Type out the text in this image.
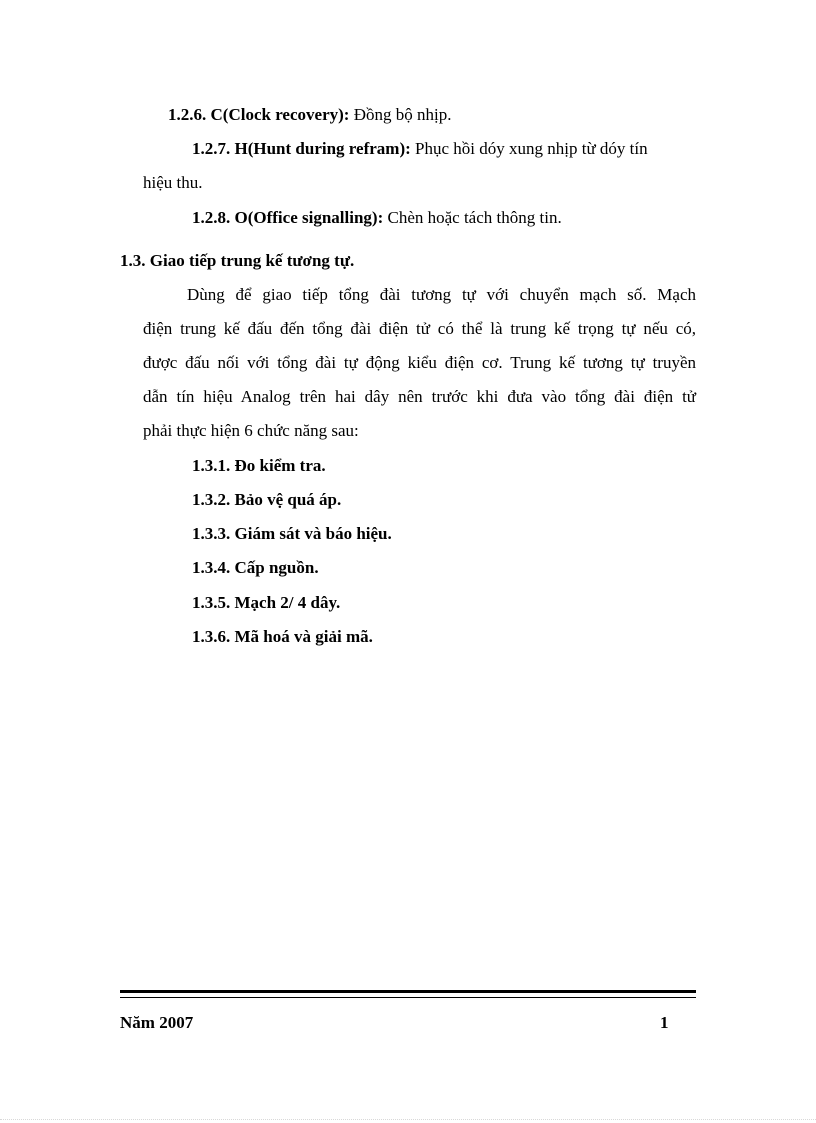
1.2.6. C(Clock recovery): Đồng bộ nhịp.
1.2.7. H(Hunt during refram): Phục hồi dóy xung nhịp từ dóy tín
hiệu thu.
1.2.8. O(Office signalling): Chèn hoặc tách thông tin.
1.3. Giao tiếp trung kế tương tự.
Dùng để giao tiếp tổng đài tương tự với chuyển mạch số. Mạch
điện trung kế đấu đến tổng đài điện tử có thể là trung kế trọng tự nếu có,
được đấu nối với tổng đài tự động kiểu điện cơ. Trung kế tương tự truyền
dẫn tín hiệu Analog trên hai dây nên trước khi đưa vào tổng đài điện tử
phải thực hiện 6 chức năng sau:
1.3.1. Đo kiểm tra.
1.3.2. Bảo vệ quá áp.
1.3.3. Giám sát và báo hiệu.
1.3.4. Cấp nguồn.
1.3.5. Mạch 2/ 4 dây.
1.3.6. Mã hoá và giải mã.
Năm 2007	1
